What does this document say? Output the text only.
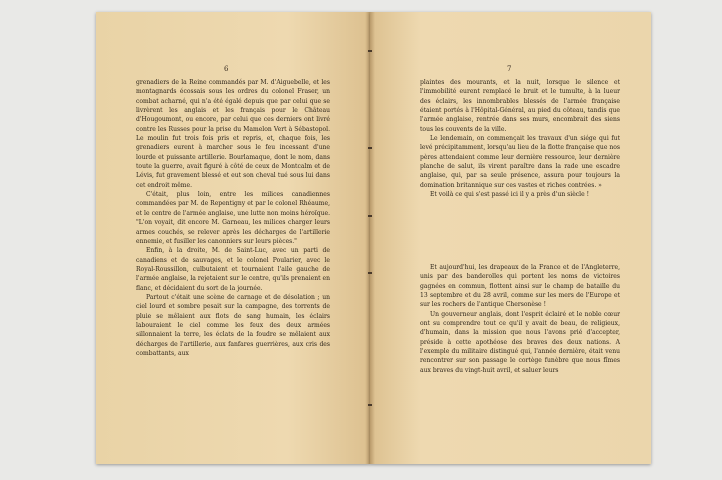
6

grenadiers de la Reine commandés par M. d'Aiguebelle, et les montagnards écossais sous les ordres du colonel Fraser, un combat acharné, qui n'a été égalé depuis que par celui que se livrèrent les anglais et les français pour le Château d'Hougoumont, ou encore, par celui que ces derniers ont livré contre les Russes pour la prise du Mamelon Vert à Sébastopol. Le moulin fut trois fois pris et repris, et, chaque fois, les grenadiers eurent à marcher sous le feu incessant d'une lourde et puissante artillerie. Bourlamaque, dont le nom, dans toute la guerre, avait figuré à côté de ceux de Montcalm et de Lévis, fut gravement blessé et eut son cheval tué sous lui dans cet endroit même.

C'était, plus loin, entre les milices canadiennes commandées par M. de Repentigny et par le colonel Rhéaume, et le centre de l'armée anglaise, une lutte non moins héroïque. "L'on voyait, dit encore M. Garneau, les milices charger leurs armes couchés, se relever après les décharges de l'artillerie ennemie, et fusiller les canonniers sur leurs pièces."

Enfin, à la droite, M. de Saint-Luc, avec un parti de canadiens et de sauvages, et le colonel Poularier, avec le Royal-Roussillon, culbutaient et tournaient l'aile gauche de l'armée anglaise, la rejetaient sur le centre, qu'ils prenaient en flanc, et décidaient du sort de la journée.

Partout c'était une scène de carnage et de désolation ; un ciel lourd et sombre pesait sur la campagne, des torrents de pluie se mêlaient aux flots de sang humain, les éclairs labouraient le ciel comme les feux des deux armées sillonnaient la terre, les éclats de la foudre se mêlaient aux décharges de l'artillerie, aux fanfares guerrières, aux cris des combattants, aux

7

plaintes des mourants, et la nuit, lorsque le silence et l'immobilité eurent remplacé le bruit et le tumulte, à la lueur des éclairs, les innombrables blessés de l'armée française étaient portés à l'Hôpital-Général, au pied du côteau, tandis que l'armée anglaise, rentrée dans ses murs, encombrait des siens tous les couvents de la ville.

Le lendemain, on commençait les travaux d'un siége qui fut levé précipitamment, lorsqu'au lieu de la flotte française que nos pères attendaient comme leur dernière ressource, leur dernière planche de salut, ils virent paraître dans la rade une escadre anglaise, qui, par sa seule présence, assura pour toujours la domination britannique sur ces vastes et riches contrées. »

Et voilà ce qui s'est passé ici il y a près d'un siècle !

Et aujourd'hui, les drapeaux de la France et de l'Angleterre, unis par des banderolles qui portent les noms de victoires gagnées en commun, flottent ainsi sur le champ de bataille du 13 septembre et du 28 avril, comme sur les mers de l'Europe et sur les rochers de l'antique Chersonèse !

Un gouverneur anglais, dont l'esprit éclairé et le noble cœur ont su comprendre tout ce qu'il y avait de beau, de religieux, d'humain, dans la mission que nous l'avons prié d'accepter, préside à cette apothéose des braves des deux nations. A l'exemple du militaire distingué qui, l'année dernière, était venu rencontrer sur son passage le cortège funèbre que nous fîmes aux braves du vingt-huit avril, et saluer leurs
